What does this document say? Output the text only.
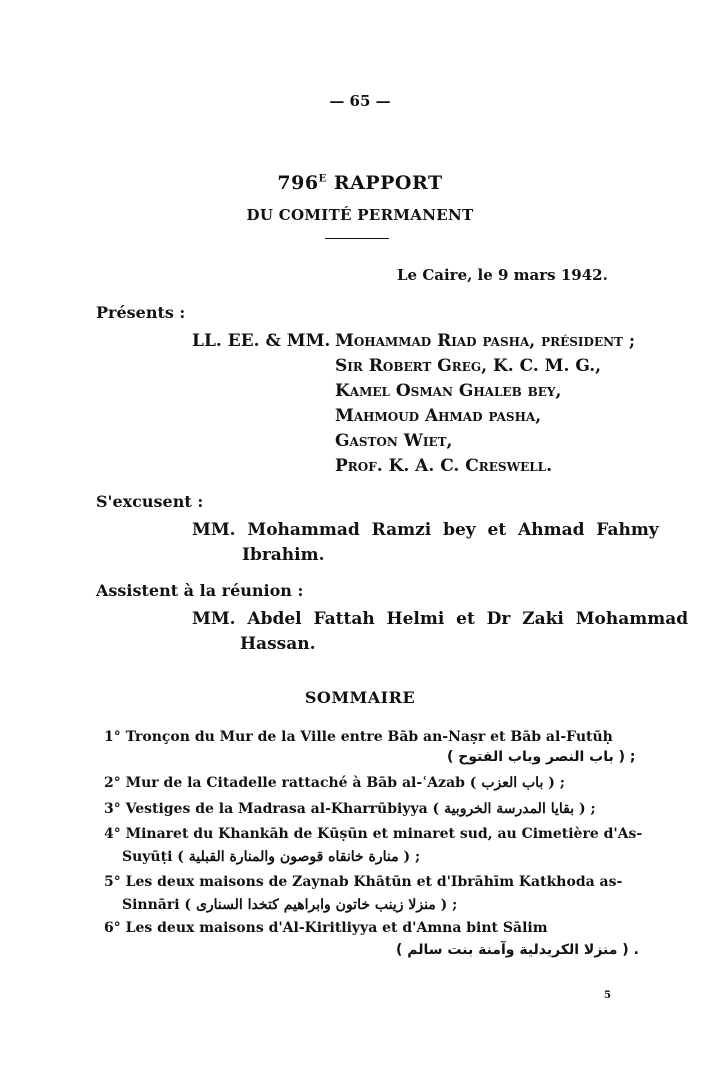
— 65 —
$796^E$ RAPPORT
DU COMITÉ PERMANENT
Le Caire, le 9 mars 1942.
Présents :
LL. EE. & MM. Mohammad Riad pasha, président ;
Sir Robert Greg, K. C. M. G.,
Kamel Osman Ghaleb bey,
Mahmoud Ahmad pasha,
Gaston Wiet,
Prof. K. A. C. Creswell.
S'excusent :
MM.  Mohammad  Ramzi  bey  et  Ahmad  Fahmy
Ibrahim.
Assistent à la réunion :
MM.  Abdel  Fattah  Helmi  et  Dr  Zaki  Mohammad
Hassan.
SOMMAIRE
1° Tronçon du Mur de la Ville entre Bāb an-Naṣr et Bāb al-Futūḥ
( باب النصر وباب الفتوح ) ;
2° Mur de la Citadelle rattaché à Bāb al-ʿAzab ( باب العزب ) ;
3° Vestiges de la Madrasa al-Kharrūbiyya ( بقايا المدرسة الخروبية ) ;
4° Minaret du Khankāh de Kūṣūn et minaret sud, au Cimetière d'As-
Suyūṭi ( منارة خانقاه قوصون والمنارة القبلية ) ;
5° Les deux maisons de Zaynab Khātūn et d'Ibrāhīm Katkhoda as-
Sinnāri ( منزلا زينب خاتون وابراهيم كتخدا السنارى ) ;
6° Les deux maisons d'Al-Kiritliyya et d'Amna bint Sālim
( منزلا الكريدلية وآمنة بنت سالم ) .
5
